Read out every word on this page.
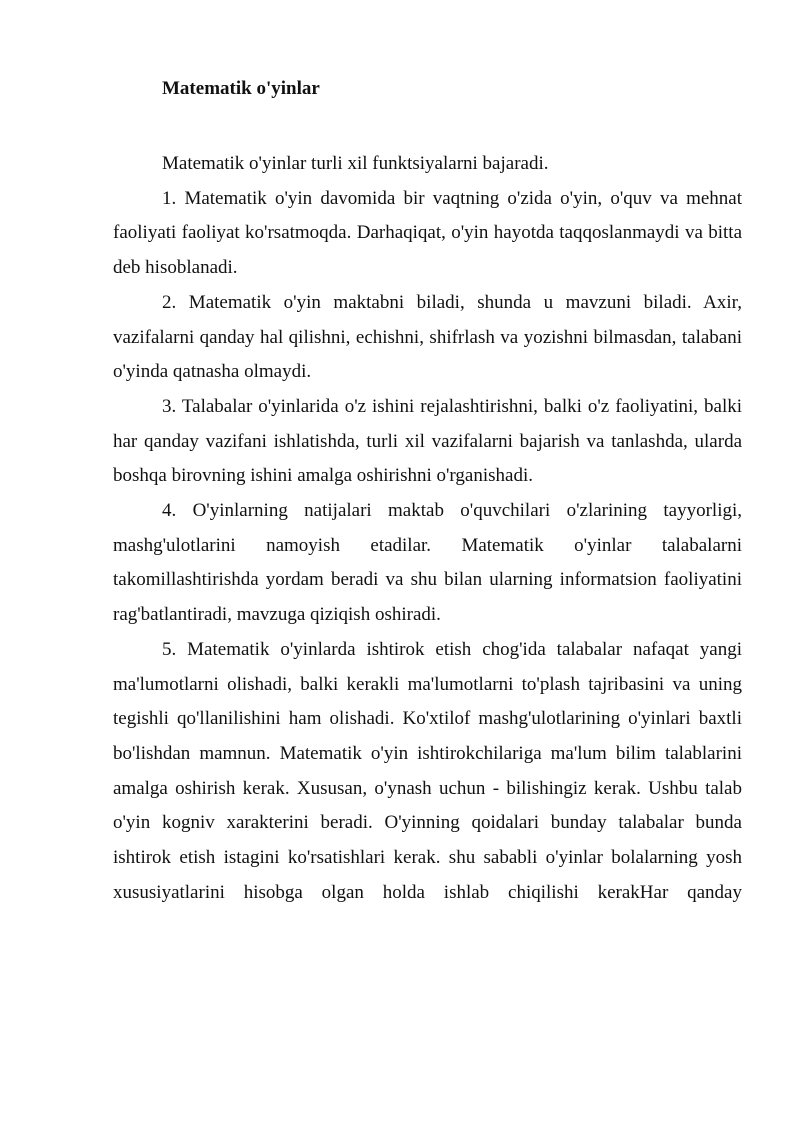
Matematik o'yinlar

Matematik o'yinlar turli xil funktsiyalarni bajaradi.

1. Matematik o'yin davomida bir vaqtning o'zida o'yin, o'quv va mehnat faoliyati faoliyat ko'rsatmoqda. Darhaqiqat, o'yin hayotda taqqoslanmaydi va bitta deb hisoblanadi.

2. Matematik o'yin maktabni biladi, shunda u mavzuni biladi. Axir, vazifalarni qanday hal qilishni, echishni, shifrlash va yozishni bilmasdan, talabani o'yinda qatnasha olmaydi.

3. Talabalar o'yinlarida o'z ishini rejalashtirishni, balki o'z faoliyatini, balki har qanday vazifani ishlatishda, turli xil vazifalarni bajarish va tanlashda, ularda boshqa birovning ishini amalga oshirishni o'rganishadi.

4. O'yinlarning natijalari maktab o'quvchilari o'zlarining tayyorligi, mashg'ulotlarini namoyish etadilar. Matematik o'yinlar talabalarni takomillashtirishda yordam beradi va shu bilan ularning informatsion faoliyatini rag'batlantiradi, mavzuga qiziqish oshiradi.

5. Matematik o'yinlarda ishtirok etish chog'ida talabalar nafaqat yangi ma'lumotlarni olishadi, balki kerakli ma'lumotlarni to'plash tajribasini va uning tegishli qo'llanilishini ham olishadi. Ko'xtilof mashg'ulotlarining o'yinlari baxtli bo'lishdan mamnun. Matematik o'yin ishtirokchilariga ma'lum bilim talablarini amalga oshirish kerak. Xususan, o'ynash uchun - bilishingiz kerak. Ushbu talab o'yin kogniv xarakterini beradi. O'yinning qoidalari bunday talabalar bunda ishtirok etish istagini ko'rsatishlari kerak. shu sababli o'yinlar bolalarning yosh xususiyatlarini hisobga olgan holda ishlab chiqilishi kerakHar qanday
